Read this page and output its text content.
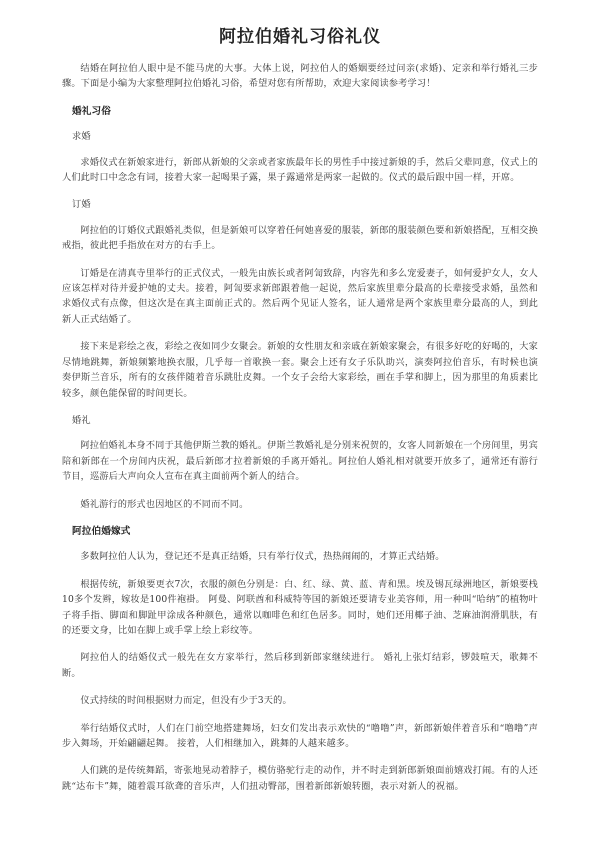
阿拉伯婚礼习俗礼仪

结婚在阿拉伯人眼中是不能马虎的大事。大体上说，阿拉伯人的婚姻要经过问亲(求婚)、定亲和举行婚礼三步骤。下面是小编为大家整理阿拉伯婚礼习俗，希望对您有所帮助，欢迎大家阅读参考学习！

婚礼习俗

求婚

求婚仪式在新娘家进行，新郎从新娘的父亲或者家族最年长的男性手中接过新娘的手，然后父辈同意，仪式上的人们此时口中念念有词，接着大家一起喝果子露，果子露通常是两家一起做的。仪式的最后跟中国一样，开席。

订婚

阿拉伯的订婚仪式跟婚礼类似，但是新娘可以穿着任何她喜爱的服装，新郎的服装颜色要和新娘搭配，互相交换戒指，彼此把手指放在对方的右手上。

订婚是在清真寺里举行的正式仪式，一般先由族长或者阿訇致辞，内容先和多么宠爱妻子，如何爱护女人，女人应该怎样对待并爱护她的丈夫。接着，阿訇要求新郎跟着他一起说，然后家族里辈分最高的长辈接受求婚，虽然和求婚仪式有点像，但这次是在真主面前正式的。然后两个见证人签名，证人通常是两个家族里辈分最高的人，到此新人正式结婚了。

接下来是彩绘之夜，彩绘之夜如同少女聚会。新娘的女性朋友和亲戚在新娘家聚会，有很多好吃的好喝的，大家尽情地跳舞，新娘频繁地换衣服，几乎每一首歌换一套。聚会上还有女子乐队助兴，演奏阿拉伯音乐，有时候也演奏伊斯兰音乐，所有的女孩伴随着音乐跳肚皮舞。一个女子会给大家彩绘，画在手掌和脚上，因为那里的角质素比较多，颜色能保留的时间更长。

婚礼

阿拉伯婚礼本身不同于其他伊斯兰教的婚礼。伊斯兰教婚礼是分别来祝贺的，女客人同新娘在一个房间里，男宾陪和新郎在一个房间内庆祝，最后新郎才拉着新娘的手离开婚礼。阿拉伯人婚礼相对就要开放多了，通常还有游行节目，巡游后大声向众人宣布在真主面前两个新人的结合。

婚礼游行的形式也因地区的不同而不同。

阿拉伯婚嫁式

多数阿拉伯人认为，登记还不是真正结婚，只有举行仪式，热热闹闹的，才算正式结婚。

根据传统，新娘要更衣7次，衣服的颜色分别是：白、红、绿、黄、蓝、青和黑。埃及锡瓦绿洲地区，新娘要栈10多个发辫，嫁妆是100件袍褂。 阿曼、阿联酋和科威特等国的新娘还要请专业美容师，用一种叫“哈纳”的植物叶子将手指、脚面和脚趾甲涂成各种颜色，通常以咖啡色和红色居多。同时，她们还用椰子油、芝麻油润滑肌肤，有的还要文身，比如在脚上或手掌上绘上彩纹等。

阿拉伯人的结婚仪式一般先在女方家举行，然后移到新郎家继续进行。 婚礼上张灯结彩，锣鼓喧天，歌舞不断。

仪式持续的时间根据财力而定，但没有少于3天的。

举行结婚仪式时，人们在门前空地搭建舞场，妇女们发出表示欢快的“噜噜”声，新郎新娘伴着音乐和“噜噜”声步入舞场，开始翩翩起舞。 接着，人们相继加入，跳舞的人越来越多。

人们跳的是传统舞蹈，寄张地晃动着脖子，模仿骆驼行走的动作，并不时走到新郎新娘面前嬉戏打闹。有的人还跳“达布卡”舞，随着震耳欲聋的音乐声，人们扭动臀部，围着新郎新娘转圈，表示对新人的祝福。
